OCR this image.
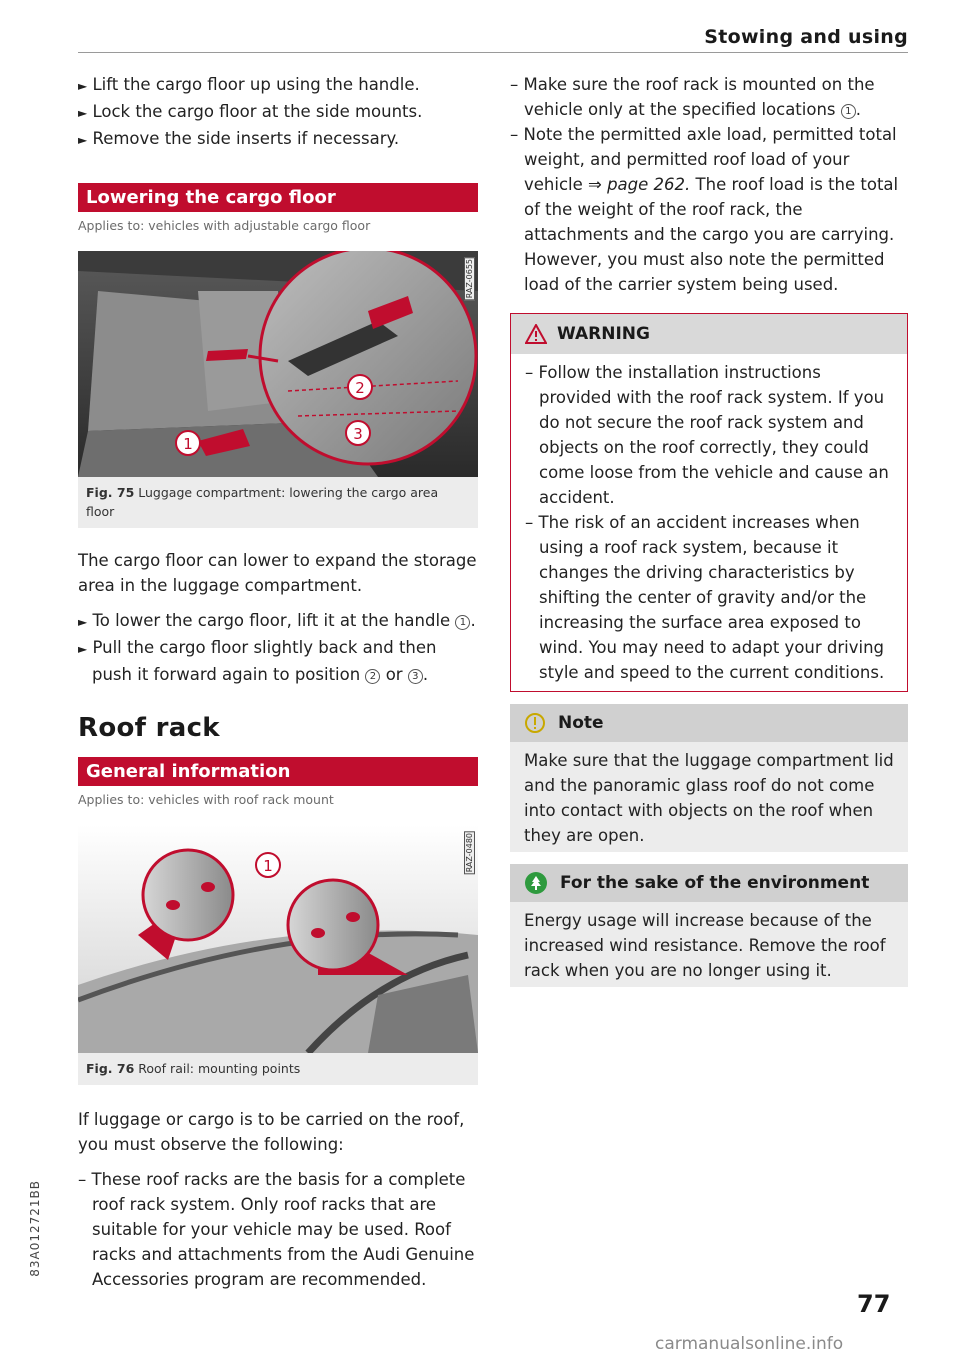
Stowing and using
► Lift the cargo floor up using the handle.
► Lock the cargo floor at the side mounts.
► Remove the side inserts if necessary.
Lowering the cargo floor
Applies to: vehicles with adjustable cargo floor
1
2
3
RAZ-0655
Fig. 75 Luggage compartment: lowering the cargo area floor
The cargo floor can lower to expand the storage area in the luggage compartment.
► To lower the cargo floor, lift it at the handle 1 .
► Pull the cargo floor slightly back and then push it forward again to position 2 or 3 .
Roof rack
General information
Applies to: vehicles with roof rack mount
1	RAZ-0480
Fig. 76 Roof rail: mounting points
If luggage or cargo is to be carried on the roof, you must observe the following:
– These roof racks are the basis for a complete roof rack system. Only roof racks that are suitable for your vehicle may be used. Roof racks and attachments from the Audi Genuine Accessories program are recommended.
– Make sure the roof rack is mounted on the vehicle only at the specified locations 1 .
– Note the permitted axle load, permitted total weight, and permitted roof load of your vehicle ⇒ page 262. The roof load is the total of the weight of the roof rack, the attachments and the cargo you are carrying. However, you must also note the permitted load of the carrier system being used.
WARNING
– Follow the installation instructions provided with the roof rack system. If you do not secure the roof rack system and objects on the roof correctly, they could come loose from the vehicle and cause an accident.
– The risk of an accident increases when using a roof rack system, because it changes the driving characteristics by shifting the center of gravity and/or the increasing the surface area exposed to wind. You may need to adapt your driving style and speed to the current conditions.
Note
Make sure that the luggage compartment lid and the panoramic glass roof do not come into contact with objects on the roof when they are open.
For the sake of the environment
Energy usage will increase because of the increased wind resistance. Remove the roof rack when you are no longer using it.
77
83A012721BB
carmanualsonline.info
